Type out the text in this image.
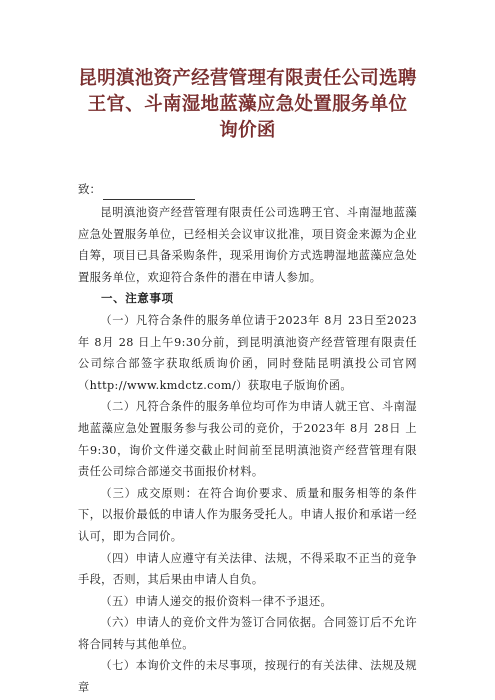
昆明滇池资产经营管理有限责任公司选聘

王官、斗南湿地蓝藻应急处置服务单位

询价函

致：

昆明滇池资产经营管理有限责任公司选聘王官、斗南湿地蓝藻应急处置服务单位，已经相关会议审议批准，项目资金来源为企业自筹，项目已具备采购条件，现采用询价方式选聘湿地蓝藻应急处置服务单位，欢迎符合条件的潜在申请人参加。

一、注意事项

（一）凡符合条件的服务单位请于2023年 8月 23日至2023年 8月 28 日上午9:30分前，到昆明滇池资产经营管理有限责任公司综合部签字获取纸质询价函，同时登陆昆明滇投公司官网（http://www.kmdctz.com/）获取电子版询价函。

（二）凡符合条件的服务单位均可作为申请人就王官、斗南湿地蓝藻应急处置服务参与我公司的竞价，于2023年 8月 28日 上午9:30，询价文件递交截止时间前至昆明滇池资产经营管理有限责任公司综合部递交书面报价材料。

（三）成交原则：在符合询价要求、质量和服务相等的条件下，以报价最低的申请人作为服务受托人。申请人报价和承诺一经认可，即为合同价。

（四）申请人应遵守有关法律、法规，不得采取不正当的竞争手段，否则，其后果由申请人自负。

（五）申请人递交的报价资料一律不予退还。

（六）申请人的竞价文件为签订合同依据。合同签订后不允许将合同转与其他单位。

（七）本询价文件的未尽事项，按现行的有关法律、法规及规章
